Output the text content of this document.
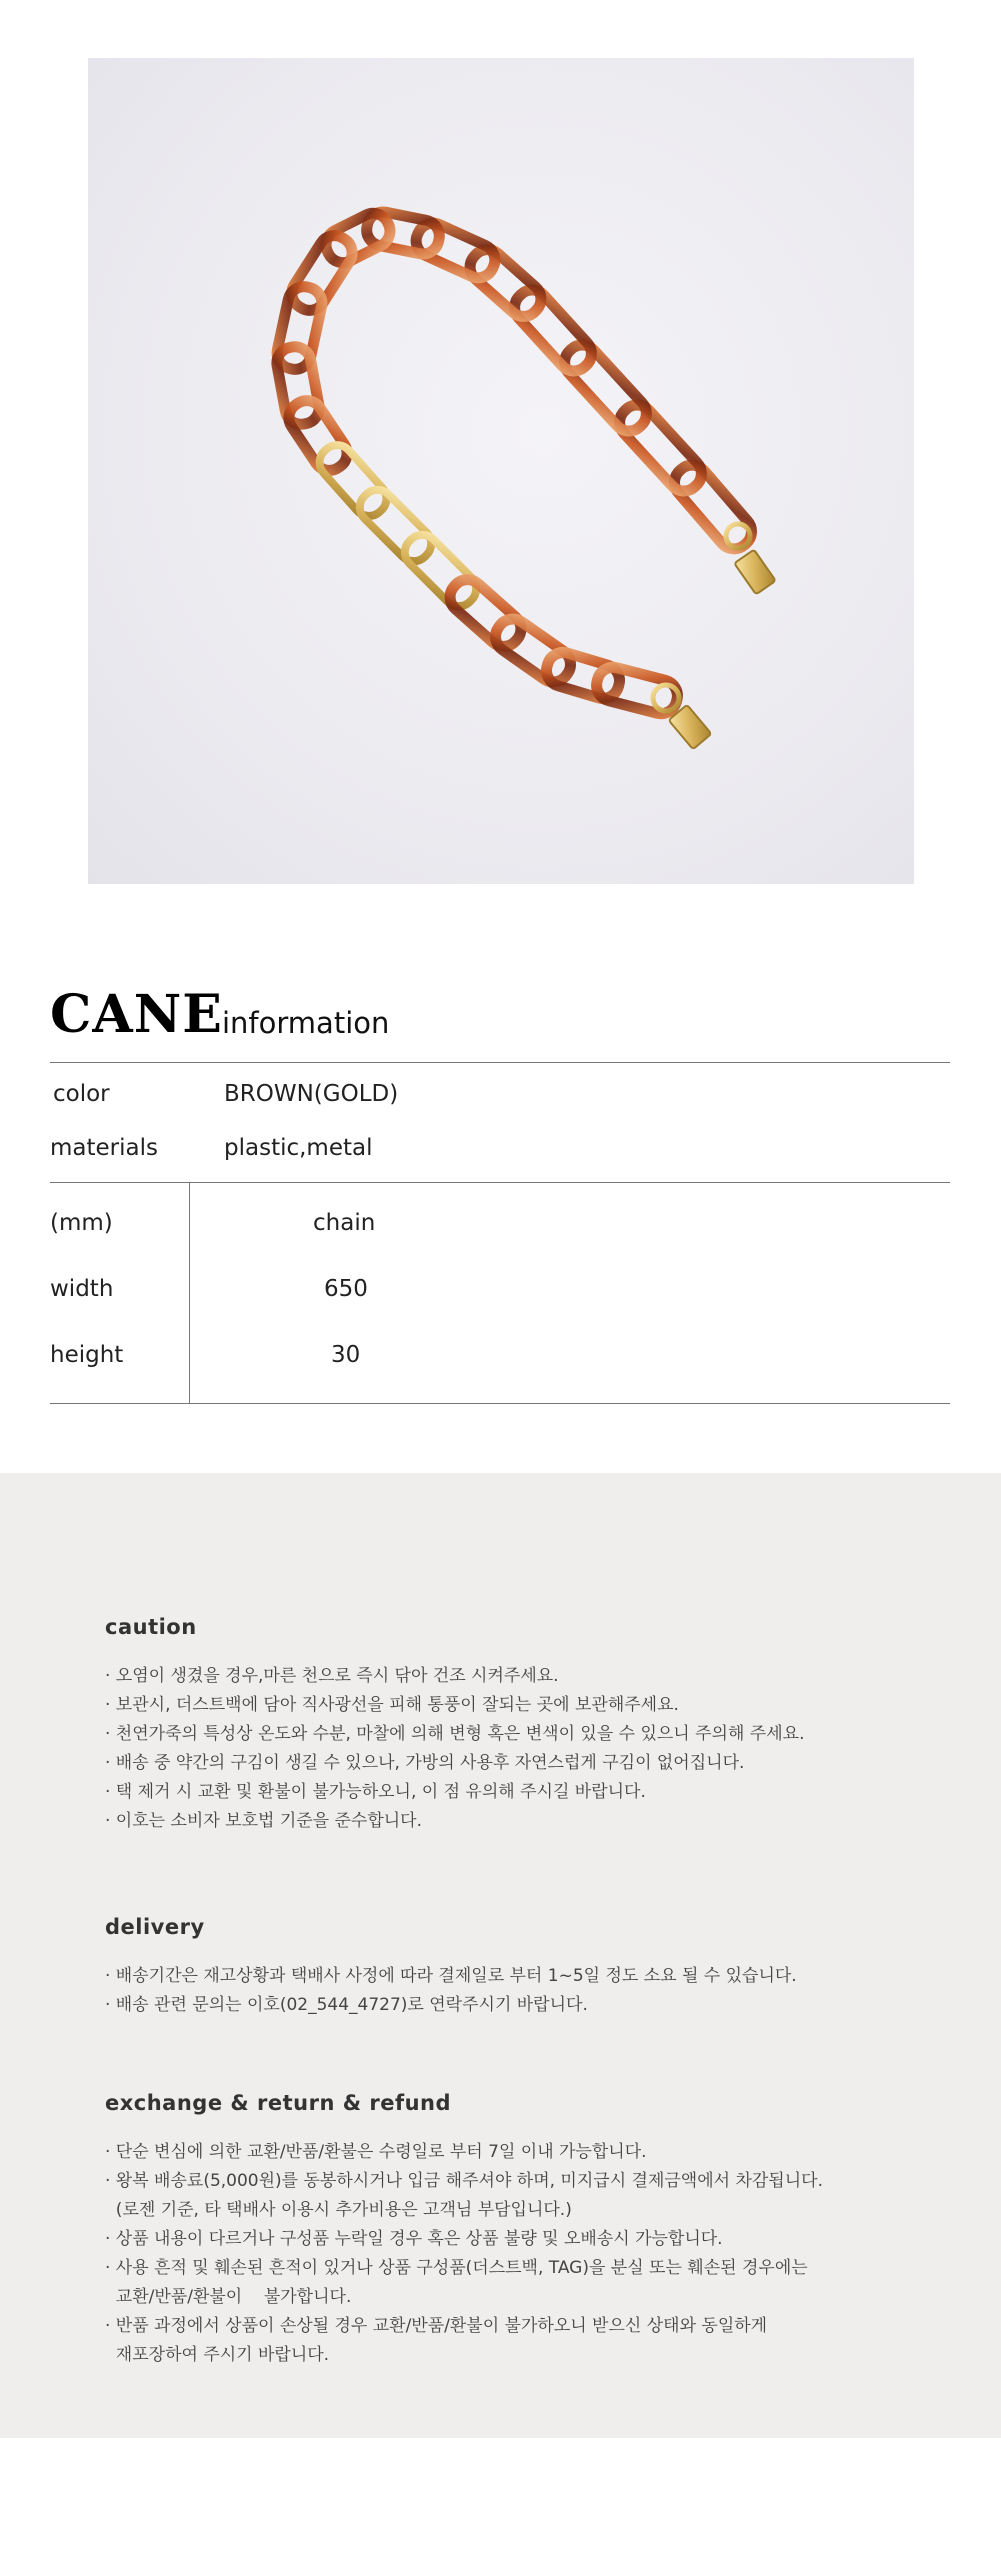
CANE information
color	BROWN(GOLD)
materials	plastic,metal
(mm)	chain
width	650
height	30
caution
· 오염이 생겼을 경우,마른 천으로 즉시 닦아 건조 시켜주세요.
· 보관시, 더스트백에 담아 직사광선을 피해 통풍이 잘되는 곳에 보관해주세요.
· 천연가죽의 특성상 온도와 수분, 마찰에 의해 변형 혹은 변색이 있을 수 있으니 주의해 주세요.
· 배송 중 약간의 구김이 생길 수 있으나, 가방의 사용후 자연스럽게 구김이 없어집니다.
· 택 제거 시 교환 및 환불이 불가능하오니, 이 점 유의해 주시길 바랍니다.
· 이호는 소비자 보호법 기준을 준수합니다.
delivery
· 배송기간은 재고상황과 택배사 사정에 따라 결제일로 부터 1~5일 정도 소요 될 수 있습니다.
· 배송 관련 문의는 이호(02_544_4727)로 연락주시기 바랍니다.
exchange & return & refund
· 단순 변심에 의한 교환/반품/환불은 수령일로 부터 7일 이내 가능합니다.
· 왕복 배송료(5,000원)를 동봉하시거나 입금 해주셔야 하며, 미지급시 결제금액에서 차감됩니다.
(로젠 기준, 타 택배사 이용시 추가비용은 고객님 부담입니다.)
· 상품 내용이 다르거나 구성품 누락일 경우 혹은 상품 불량 및 오배송시 가능합니다.
· 사용 흔적 및 훼손된 흔적이 있거나 상품 구성품(더스트백, TAG)을 분실 또는 훼손된 경우에는
교환/반품/환불이    불가합니다.
· 반품 과정에서 상품이 손상될 경우 교환/반품/환불이 불가하오니 받으신 상태와 동일하게
재포장하여 주시기 바랍니다.
